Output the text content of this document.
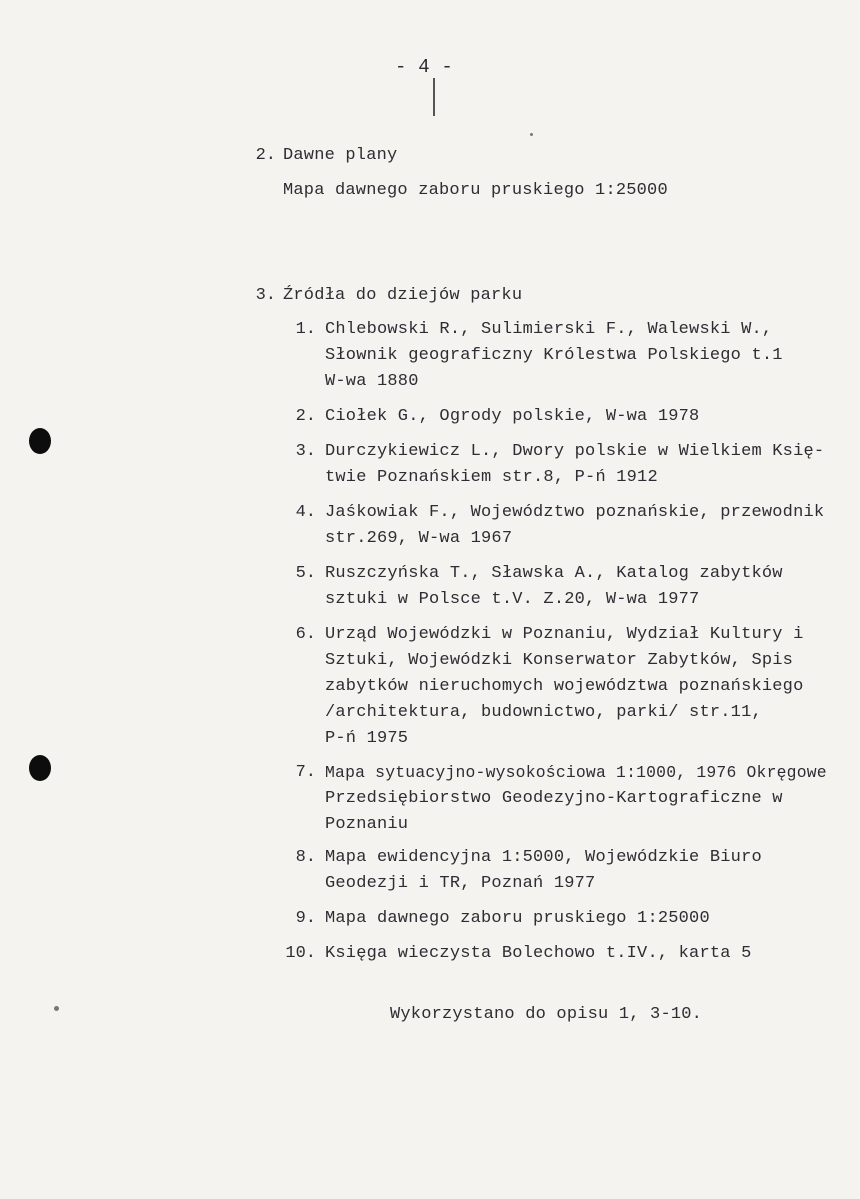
- 4 -
2. Dawne plany
Mapa dawnego zaboru pruskiego 1:25000
3. Źródła do dziejów parku
1. Chlebowski R., Sulimierski F., Walewski W.,
Słownik geograficzny Królestwa Polskiego t.1
W-wa 1880
2. Ciołek G., Ogrody polskie, W-wa 1978
3. Durczykiewicz L., Dwory polskie w Wielkiem Księ-
twie Poznańskiem str.8, P-ń 1912
4. Jaśkowiak F., Województwo poznańskie, przewodnik
str.269, W-wa 1967
5. Ruszczyńska T., Sławska A., Katalog zabytków
sztuki w Polsce t.V. Z.20, W-wa 1977
6. Urząd Wojewódzki w Poznaniu, Wydział Kultury i
Sztuki, Wojewódzki Konserwator Zabytków, Spis
zabytków nieruchomych województwa poznańskiego
/architektura, budownictwo, parki/ str.11,
P-ń 1975
7. Mapa sytuacyjno-wysokościowa 1:1000, 1976 Okręgowe
Przedsiębiorstwo Geodezyjno-Kartograficzne w
Poznaniu
8. Mapa ewidencyjna 1:5000, Wojewódzkie Biuro
Geodezji i TR, Poznań 1977
9. Mapa dawnego zaboru pruskiego 1:25000
10. Księga wieczysta Bolechowo t.IV., karta 5
Wykorzystano do opisu 1, 3-10.
